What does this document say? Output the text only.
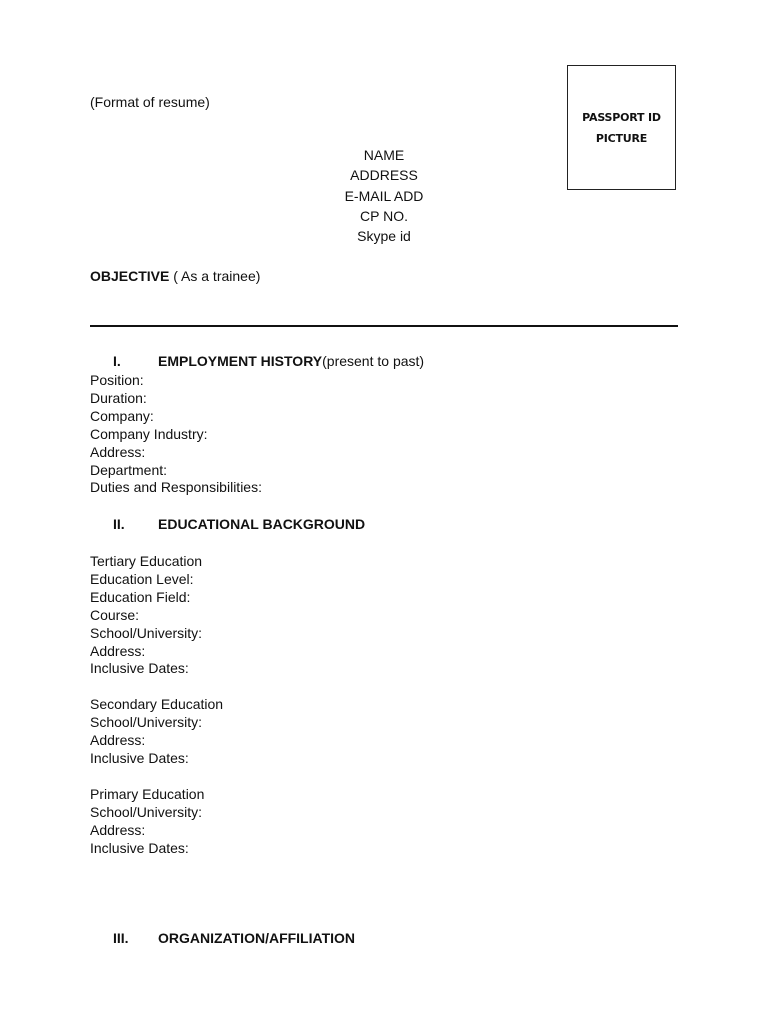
(Format of resume)
PASSPORT ID
PICTURE
NAME
ADDRESS
E-MAIL ADD
CP NO.
Skype id
OBJECTIVE ( As a trainee)
I.	EMPLOYMENT HISTORY(present to past)
Position:
Duration:
Company:
Company Industry:
Address:
Department:
Duties and Responsibilities:
II. EDUCATIONAL BACKGROUND
Tertiary Education
Education Level:
Education Field:
Course:
School/University:
Address:
Inclusive Dates:
Secondary Education
School/University:
Address:
Inclusive Dates:
Primary Education
School/University:
Address:
Inclusive Dates:
III. ORGANIZATION/AFFILIATION
